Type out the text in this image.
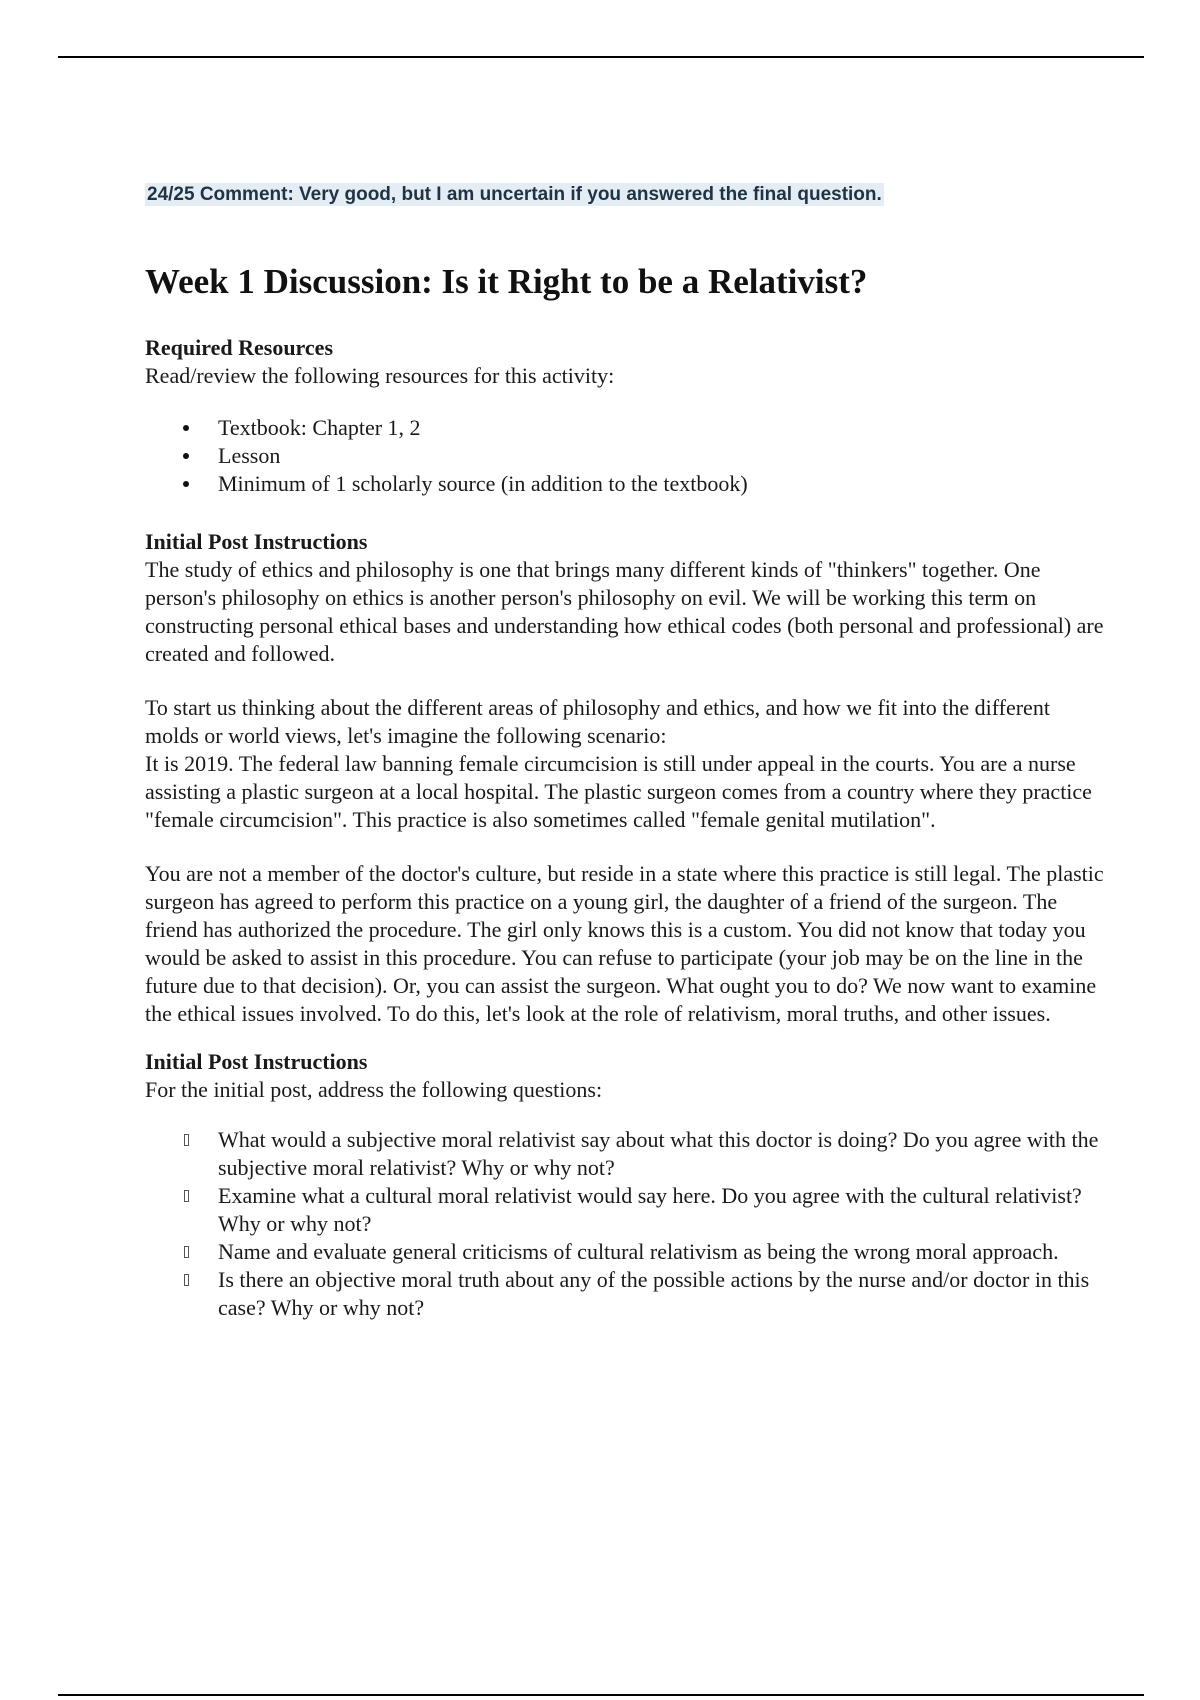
24/25 Comment: Very good, but I am uncertain if you answered the final question.

Week 1 Discussion: Is it Right to be a Relativist?
Required Resources

Read/review the following resources for this activity:

Textbook: Chapter 1, 2
Lesson
Minimum of 1 scholarly source (in addition to the textbook)
Initial Post Instructions

The study of ethics and philosophy is one that brings many different kinds of "thinkers" together. One person's philosophy on ethics is another person's philosophy on evil. We will be working this term on constructing personal ethical bases and understanding how ethical codes (both personal and professional) are created and followed.

To start us thinking about the different areas of philosophy and ethics, and how we fit into the different molds or world views, let's imagine the following scenario:

It is 2019. The federal law banning female circumcision is still under appeal in the courts. You are a nurse assisting a plastic surgeon at a local hospital. The plastic surgeon comes from a country where they practice "female circumcision". This practice is also sometimes called "female genital mutilation".

You are not a member of the doctor's culture, but reside in a state where this practice is still legal. The plastic surgeon has agreed to perform this practice on a young girl, the daughter of a friend of the surgeon. The friend has authorized the procedure. The girl only knows this is a custom. You did not know that today you would be asked to assist in this procedure. You can refuse to participate (your job may be on the line in the future due to that decision). Or, you can assist the surgeon. What ought you to do? We now want to examine the ethical issues involved. To do this, let's look at the role of relativism, moral truths, and other issues.

Initial Post Instructions

For the initial post, address the following questions:

What would a subjective moral relativist say about what this doctor is doing? Do you agree with the subjective moral relativist? Why or why not?
Examine what a cultural moral relativist would say here. Do you agree with the cultural relativist? Why or why not?
Name and evaluate general criticisms of cultural relativism as being the wrong moral approach.
Is there an objective moral truth about any of the possible actions by the nurse and/or doctor in this case? Why or why not?
